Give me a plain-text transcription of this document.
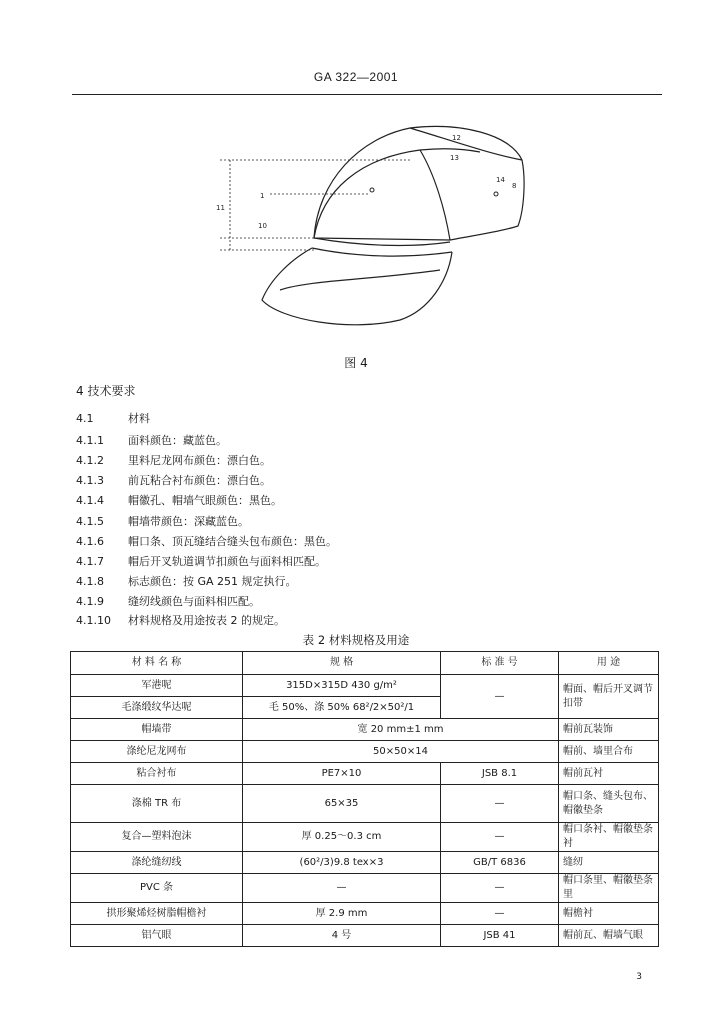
GA 322—2001
11
10
12
13
14
8
1
图 4
4 技术要求
4.1	材料
4.1.1 面料颜色：藏蓝色。
4.1.2 里料尼龙网布颜色：漂白色。
4.1.3 前瓦粘合衬布颜色：漂白色。
4.1.4 帽徽孔、帽墙气眼颜色：黑色。
4.1.5 帽墙带颜色：深藏蓝色。
4.1.6 帽口条、顶瓦缝结合缝头包布颜色：黑色。
4.1.7 帽后开叉轨道调节扣颜色与面料相匹配。
4.1.8 标志颜色：按 GA 251 规定执行。
4.1.9 缝纫线颜色与面料相匹配。
4.1.10 材料规格及用途按表 2 的规定。
表 2 材料规格及用途
材 料 名 称	规 格	标 准 号	用 途
军港呢	315D×315D 430 g/m²	—	帽面、帽后开叉调节扣带
毛涤缎纹华达呢	毛 50%、涤 50% 68²/2×50²/1		
帽墙带	宽 20 mm±1 mm		帽前瓦装饰
涤纶尼龙网布	50×50×14		帽前、墙里合布
粘合衬布	PE7×10	JSB 8.1	帽前瓦衬
涤棉 TR 布	65×35	—	帽口条、缝头包布、帽徽垫条
复合—塑料泡沫	厚 0.25～0.3 cm	—	帽口条衬、帽徽垫条衬
涤纶缝纫线	(60²/3)9.8 tex×3	GB/T 6836	缝纫
PVC 条	—	—	帽口条里、帽徽垫条里
拱形聚烯烃树脂帽檐衬	厚 2.9 mm	—	帽檐衬
铝气眼	4 号	JSB 41	帽前瓦、帽墙气眼
3
